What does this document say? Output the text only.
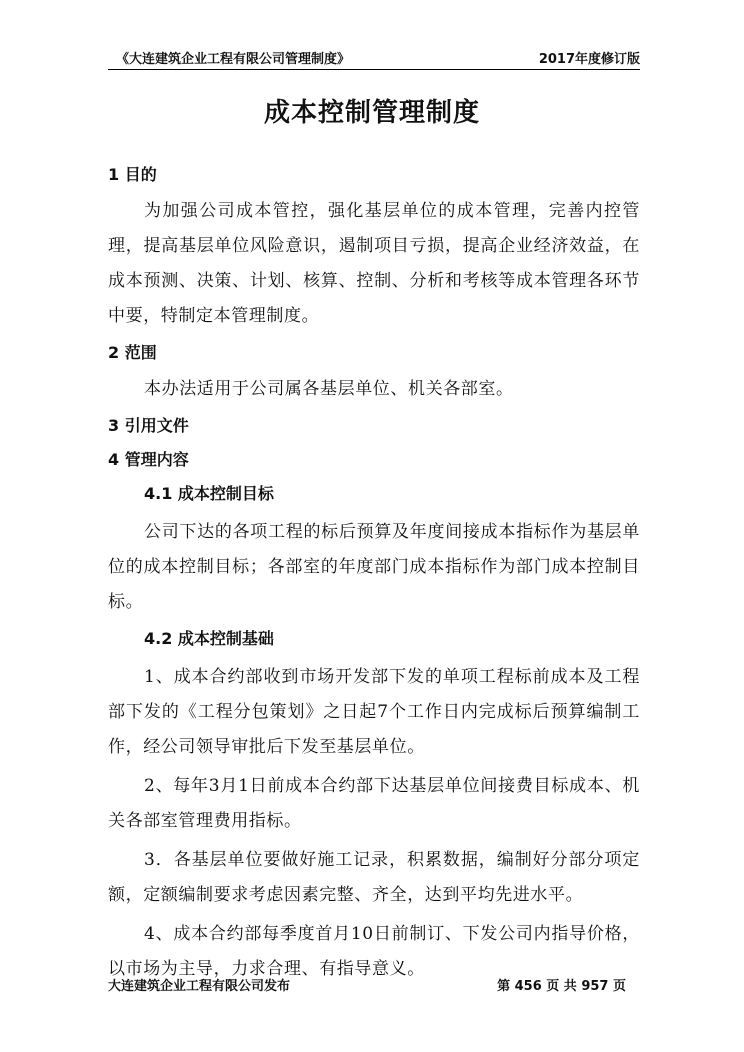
《大连建筑企业工程有限公司管理制度》	2017年度修订版
成本控制管理制度
1 目的

为加强公司成本管控，强化基层单位的成本管理，完善内控管理，提高基层单位风险意识，遏制项目亏损，提高企业经济效益，在成本预测、决策、计划、核算、控制、分析和考核等成本管理各环节中要，特制定本管理制度。

2 范围

本办法适用于公司属各基层单位、机关各部室。

3 引用文件
4 管理内容
4.1 成本控制目标

公司下达的各项工程的标后预算及年度间接成本指标作为基层单位的成本控制目标；各部室的年度部门成本指标作为部门成本控制目标。

4.2 成本控制基础

1、成本合约部收到市场开发部下发的单项工程标前成本及工程部下发的《工程分包策划》之日起7个工作日内完成标后预算编制工作，经公司领导审批后下发至基层单位。

2、每年3月1日前成本合约部下达基层单位间接费目标成本、机关各部室管理费用指标。

3．各基层单位要做好施工记录，积累数据，编制好分部分项定额，定额编制要求考虑因素完整、齐全，达到平均先进水平。

4、成本合约部每季度首月10日前制订、下发公司内指导价格，以市场为主导，力求合理、有指导意义。

大连建筑企业工程有限公司发布	第 456 页 共 957 页
